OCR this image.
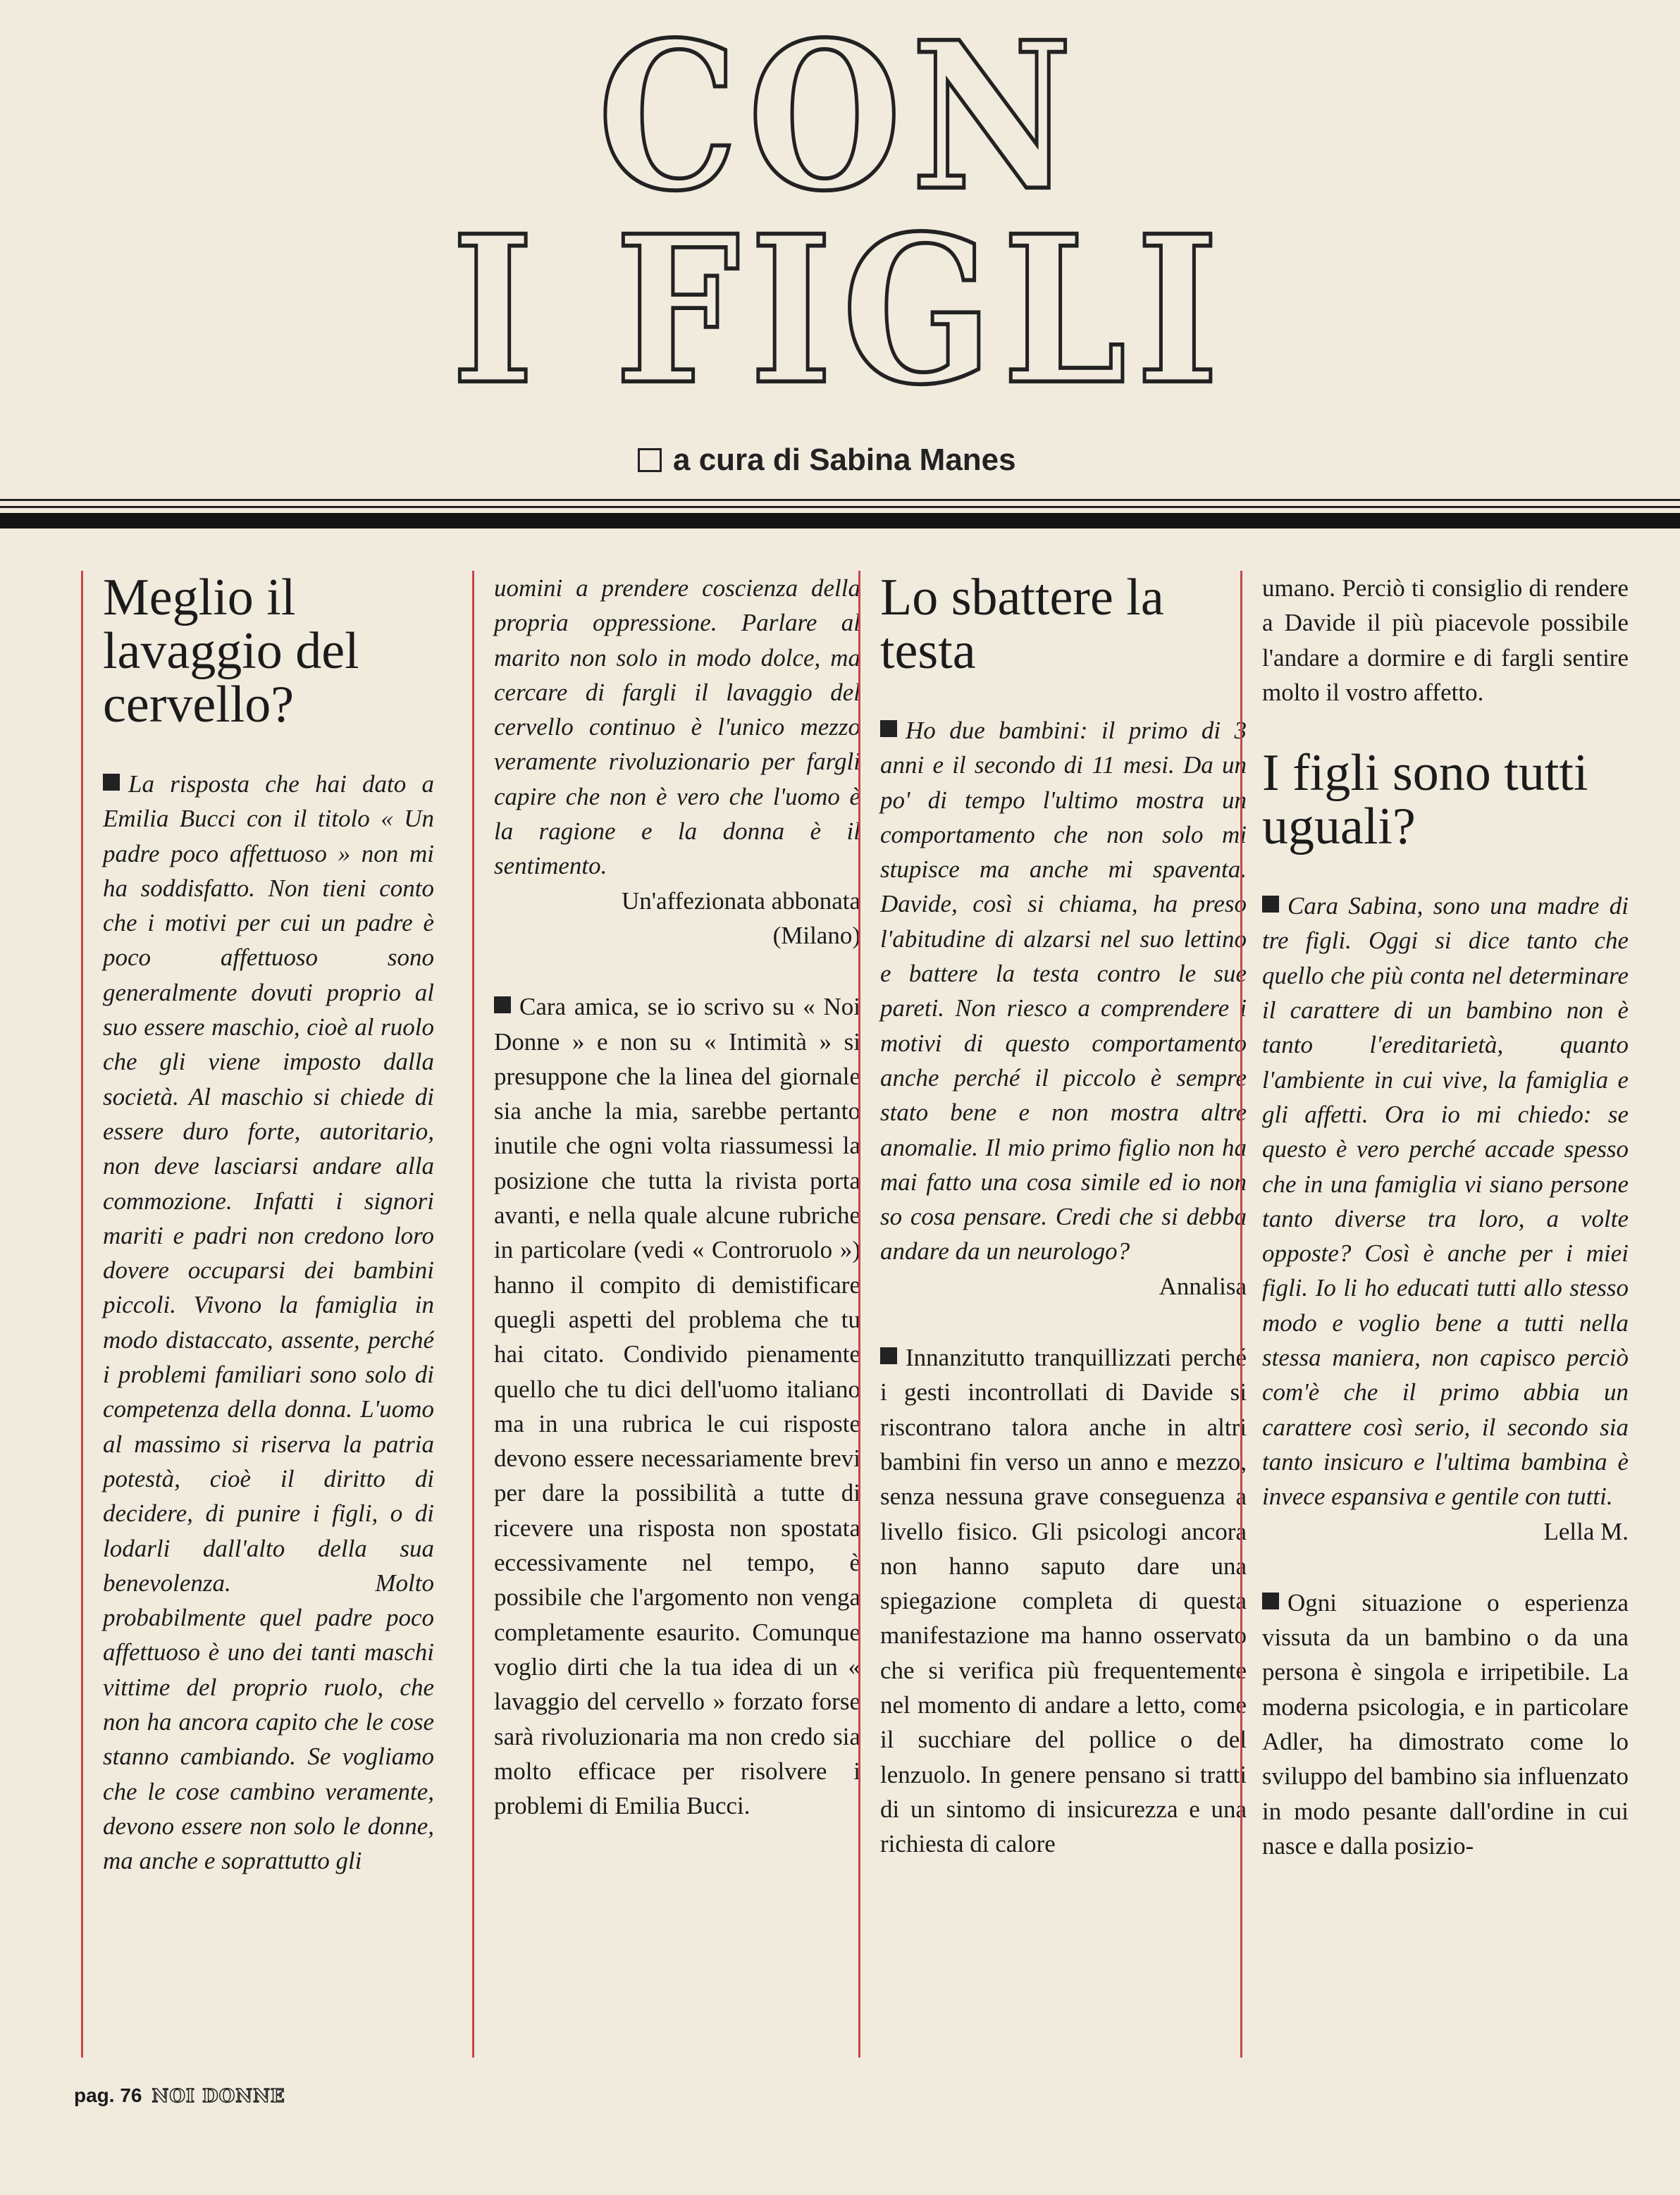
CON
I FIGLI
a cura di Sabina Manes
Meglio il lavaggio del cervello?

La risposta che hai dato a Emilia Bucci con il titolo « Un padre poco affettuoso » non mi ha soddisfatto. Non tieni conto che i motivi per cui un padre è poco affettuoso sono generalmente dovuti proprio al suo essere maschio, cioè al ruolo che gli viene imposto dalla società. Al maschio si chiede di essere duro forte, autoritario, non deve lasciarsi andare alla commozione. Infatti i signori mariti e padri non credono loro dovere occuparsi dei bambini piccoli. Vivono la famiglia in modo distaccato, assente, perché i problemi familiari sono solo di competenza della donna. L'uomo al massimo si riserva la patria potestà, cioè il diritto di decidere, di punire i figli, o di lodarli dall'alto della sua benevolenza. Molto probabilmente quel padre poco affettuoso è uno dei tanti maschi vittime del proprio ruolo, che non ha ancora capito che le cose stanno cambiando. Se vogliamo che le cose cambino veramente, devono essere non solo le donne, ma anche e soprattutto gli

uomini a prendere coscienza della propria oppressione. Parlare al marito non solo in modo dolce, ma cercare di fargli il lavaggio del cervello continuo è l'unico mezzo veramente rivoluzionario per fargli capire che non è vero che l'uomo è la ragione e la donna è il sentimento.

Un'affezionata abbonata

(Milano)

Cara amica, se io scrivo su « Noi Donne » e non su « Intimità » si presuppone che la linea del giornale sia anche la mia, sarebbe pertanto inutile che ogni volta riassumessi la posizione che tutta la rivista porta avanti, e nella quale alcune rubriche in particolare (vedi « Controruolo ») hanno il compito di demistificare quegli aspetti del problema che tu hai citato. Condivido pienamente quello che tu dici dell'uomo italiano ma in una rubrica le cui risposte devono essere necessariamente brevi per dare la possibilità a tutte di ricevere una risposta non spostata eccessivamente nel tempo, è possibile che l'argomento non venga completamente esaurito. Comunque voglio dirti che la tua idea di un « lavaggio del cervello » forzato forse sarà rivoluzionaria ma non credo sia molto efficace per risolvere i problemi di Emilia Bucci.

Lo sbattere la testa

Ho due bambini: il primo di 3 anni e il secondo di 11 mesi. Da un po' di tempo l'ultimo mostra un comportamento che non solo mi stupisce ma anche mi spaventa. Davide, così si chiama, ha preso l'abitudine di alzarsi nel suo lettino e battere la testa contro le sue pareti. Non riesco a comprendere i motivi di questo comportamento anche perché il piccolo è sempre stato bene e non mostra altre anomalie. Il mio primo figlio non ha mai fatto una cosa simile ed io non so cosa pensare. Credi che si debba andare da un neurologo?

Annalisa

Innanzitutto tranquillizzati perché i gesti incontrollati di Davide si riscontrano talora anche in altri bambini fin verso un anno e mezzo, senza nessuna grave conseguenza a livello fisico. Gli psicologi ancora non hanno saputo dare una spiegazione completa di questa manifestazione ma hanno osservato che si verifica più frequentemente nel momento di andare a letto, come il succhiare del pollice o del lenzuolo. In genere pensano si tratti di un sintomo di insicurezza e una richiesta di calore

umano. Perciò ti consiglio di rendere a Davide il più piacevole possibile l'andare a dormire e di fargli sentire molto il vostro affetto.

I figli sono tutti uguali?

Cara Sabina, sono una madre di tre figli. Oggi si dice tanto che quello che più conta nel determinare il carattere di un bambino non è tanto l'ereditarietà, quanto l'ambiente in cui vive, la famiglia e gli affetti. Ora io mi chiedo: se questo è vero perché accade spesso che in una famiglia vi siano persone tanto diverse tra loro, a volte opposte? Così è anche per i miei figli. Io li ho educati tutti allo stesso modo e voglio bene a tutti nella stessa maniera, non capisco perciò com'è che il primo abbia un carattere così serio, il secondo sia tanto insicuro e l'ultima bambina è invece espansiva e gentile con tutti.

Lella M.

Ogni situazione o esperienza vissuta da un bambino o da una persona è singola e irripetibile. La moderna psicologia, e in particolare Adler, ha dimostrato come lo sviluppo del bambino sia influenzato in modo pesante dall'ordine in cui nasce e dalla posizio-

pag. 76 NOI DONNE
